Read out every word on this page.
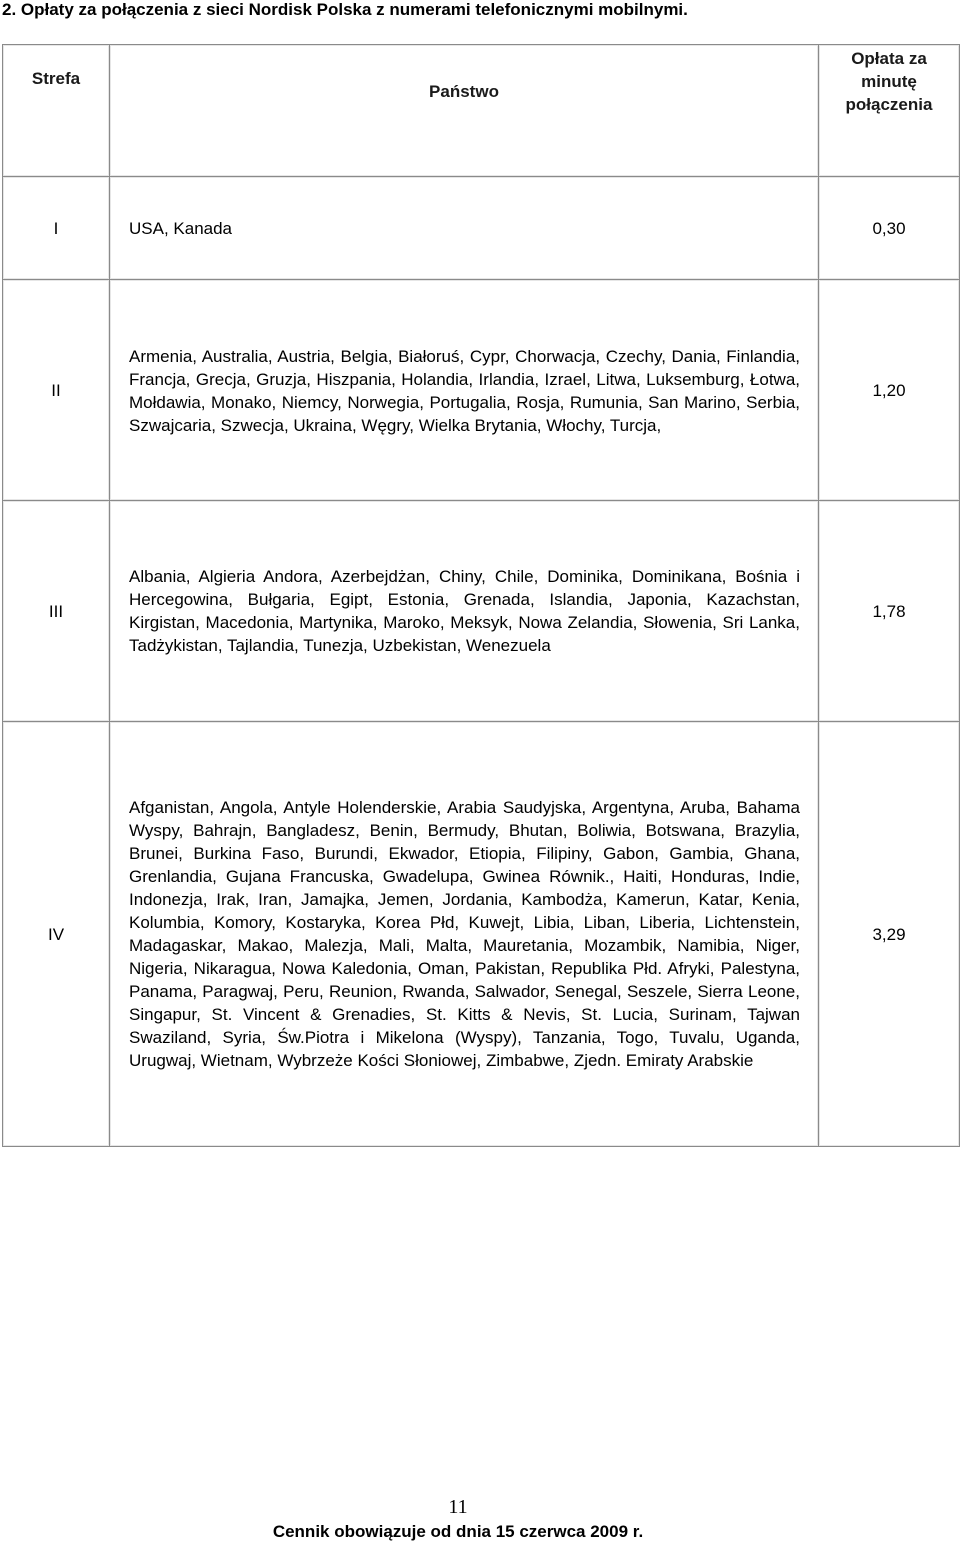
2. Opłaty za połączenia z sieci Nordisk Polska z numerami telefonicznymi mobilnymi.
Strefa	Państwo	Opłata za
minutę
połączenia

I	USA, Kanada	0,30
II	Armenia, Australia, Austria, Belgia, Białoruś, Cypr, Chorwacja, Czechy, Dania, Finlandia, Francja, Grecja, Gruzja, Hiszpania, Holandia, Irlandia, Izrael, Litwa, Luksemburg, Łotwa, Mołdawia, Monako, Niemcy, Norwegia, Portugalia, Rosja, Rumunia, San Marino, Serbia, Szwajcaria, Szwecja, Ukraina, Węgry, Wielka Brytania, Włochy, Turcja,	1,20
III	Albania, Algieria Andora, Azerbejdżan, Chiny, Chile, Dominika, Dominikana, Bośnia i Hercegowina, Bułgaria, Egipt, Estonia, Grenada, Islandia, Japonia, Kazachstan, Kirgistan, Macedonia, Martynika, Maroko, Meksyk, Nowa Zelandia, Słowenia, Sri Lanka, Tadżykistan, Tajlandia, Tunezja, Uzbekistan, Wenezuela	1,78
IV	Afganistan, Angola, Antyle Holenderskie, Arabia Saudyjska, Argentyna, Aruba, Bahama Wyspy, Bahrajn, Bangladesz, Benin, Bermudy, Bhutan, Boliwia, Botswana, Brazylia, Brunei, Burkina Faso, Burundi, Ekwador, Etiopia, Filipiny, Gabon, Gambia, Ghana, Grenlandia, Gujana Francuska, Gwadelupa, Gwinea Równik., Haiti, Honduras, Indie, Indonezja, Irak, Iran, Jamajka, Jemen, Jordania, Kambodża, Kamerun, Katar, Kenia, Kolumbia, Komory, Kostaryka, Korea Płd, Kuwejt, Libia, Liban, Liberia, Lichtenstein, Madagaskar, Makao, Malezja, Mali, Malta, Mauretania, Mozambik, Namibia, Niger, Nigeria, Nikaragua, Nowa Kaledonia, Oman, Pakistan, Republika Płd. Afryki, Palestyna, Panama, Paragwaj, Peru, Reunion, Rwanda, Salwador, Senegal, Seszele, Sierra Leone, Singapur, St. Vincent & Grenadies, St. Kitts & Nevis, St. Lucia, Surinam, Tajwan Swaziland, Syria, Św.Piotra i Mikelona (Wyspy), Tanzania, Togo, Tuvalu, Uganda, Urugwaj, Wietnam, Wybrzeże Kości Słoniowej, Zimbabwe, Zjedn. Emiraty Arabskie	3,29
11
Cennik obowiązuje od dnia 15 czerwca 2009 r.
